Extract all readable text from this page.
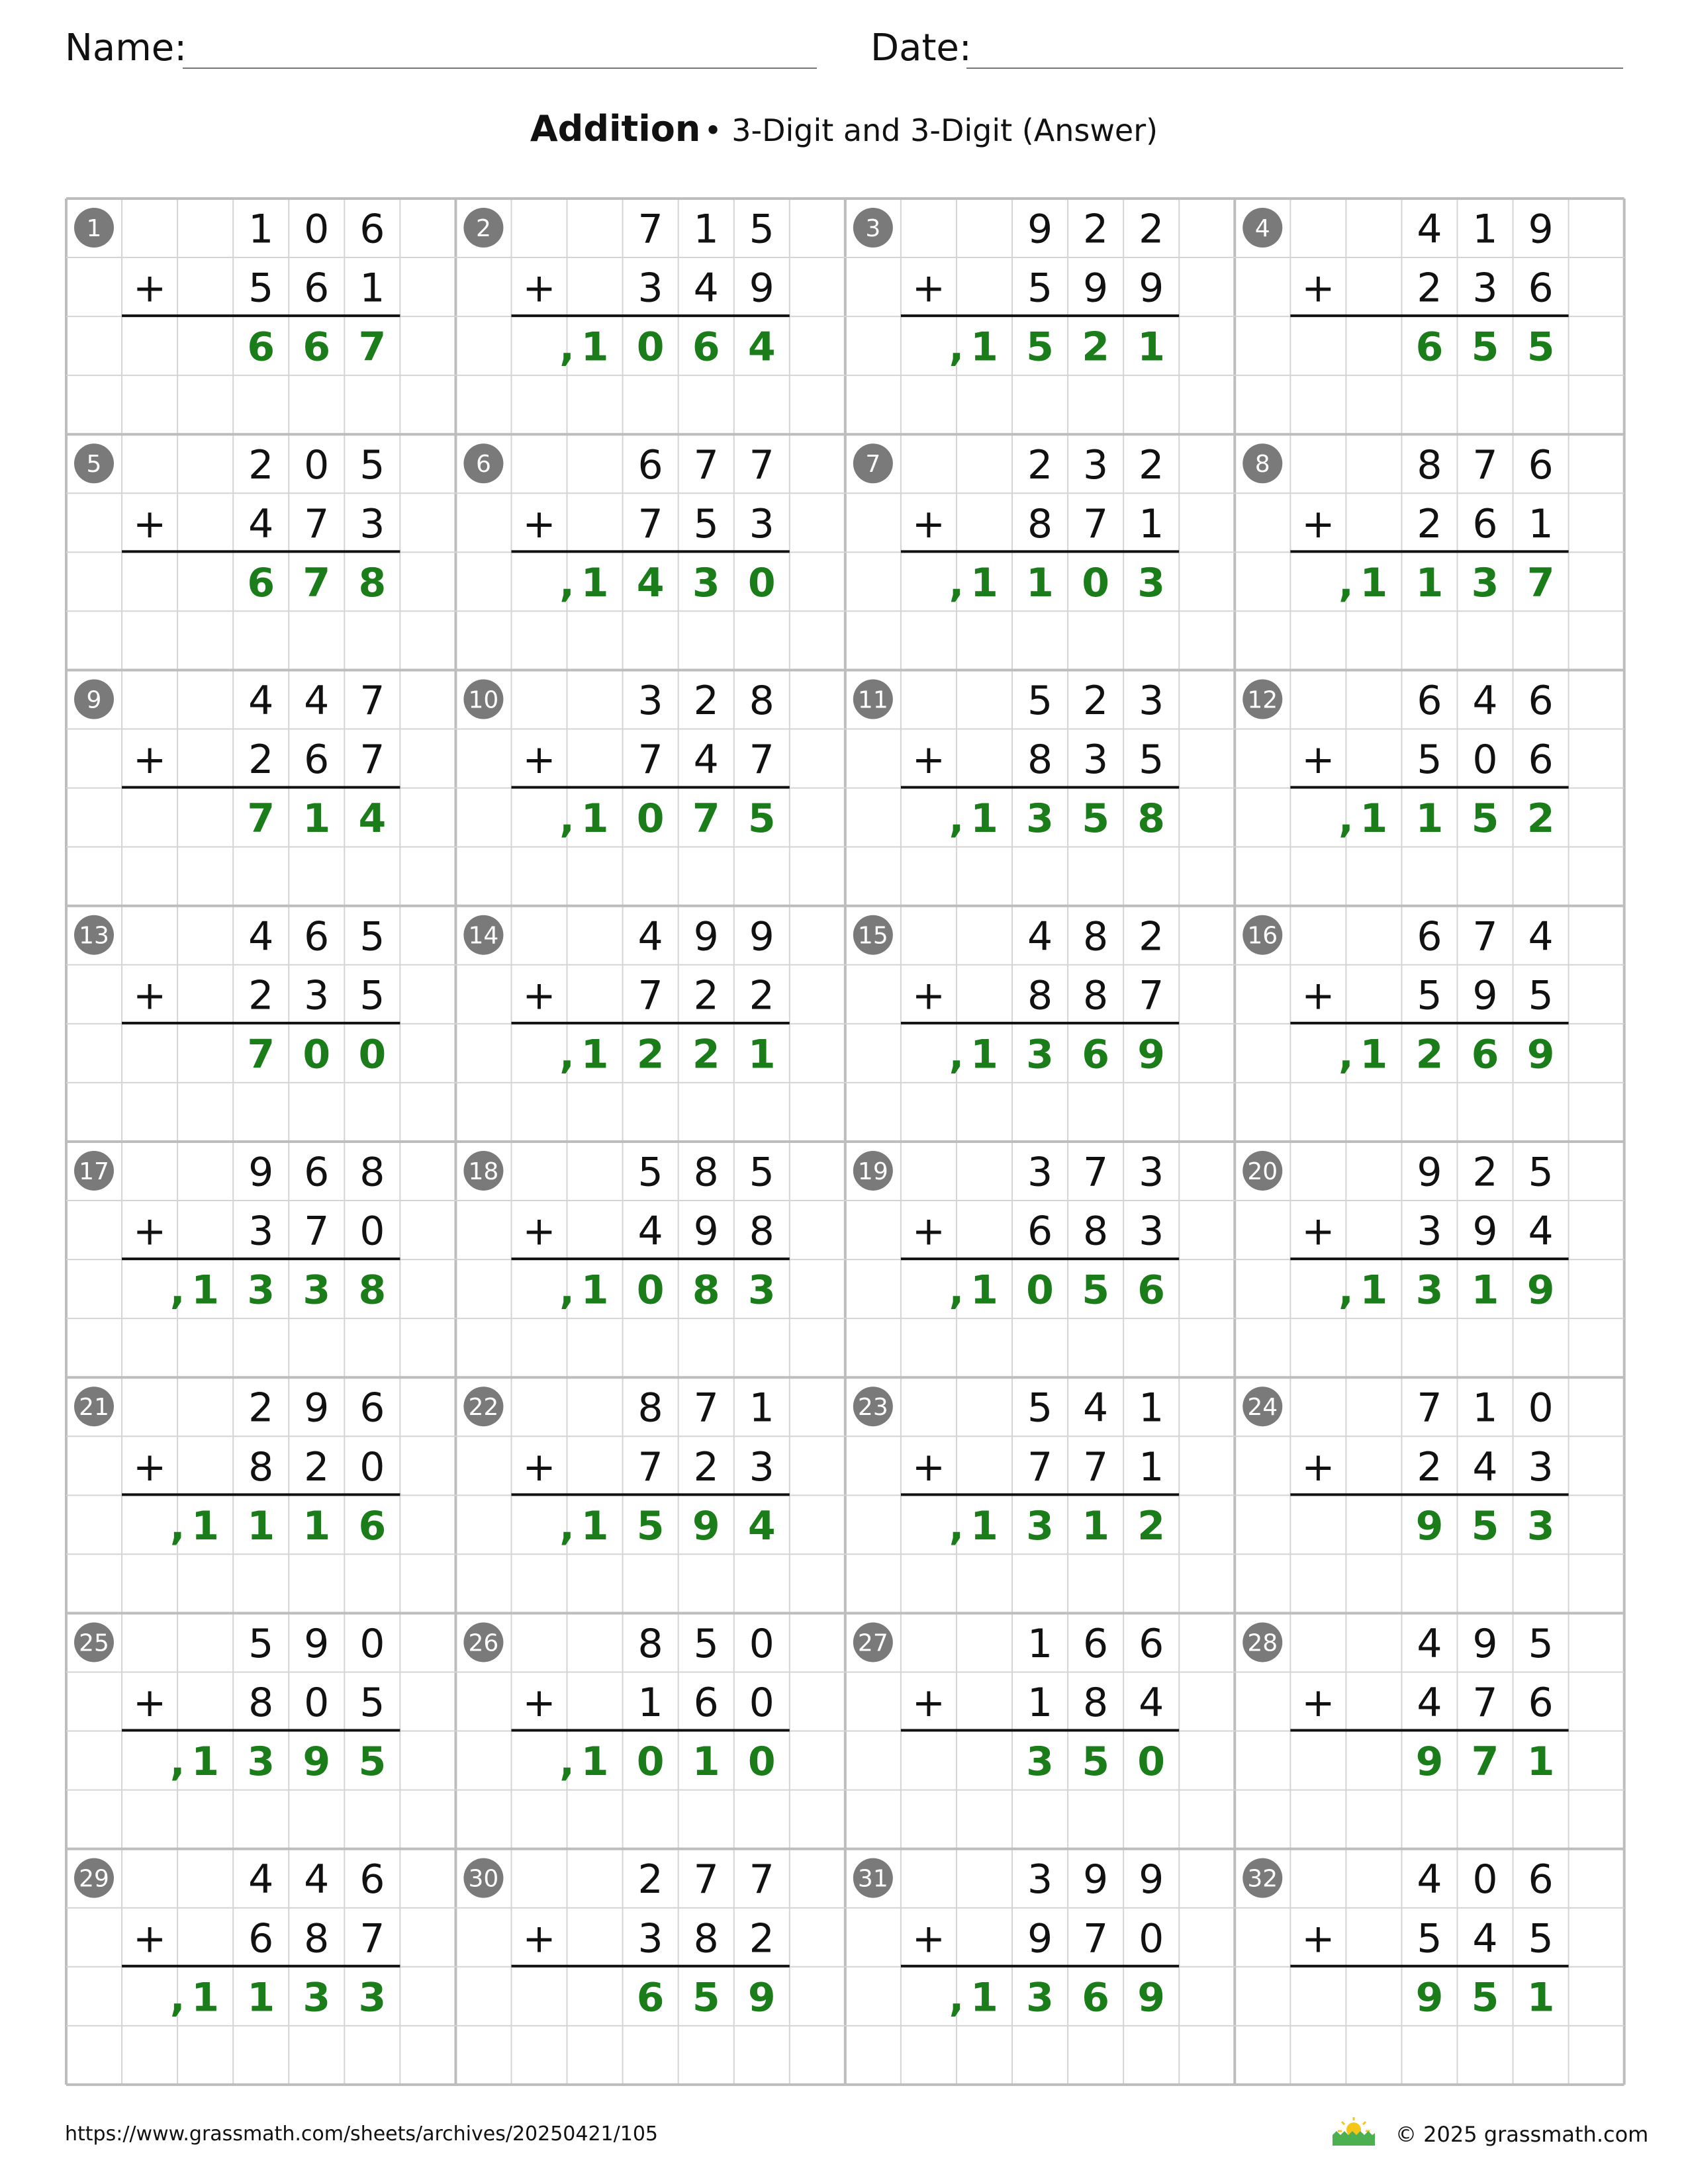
Name:	Date:
Addition • 3-Digit and 3-Digit (Answer)
1	1 0 6
5 6 1
+
6 6 7
2	7 1 5
3 4 9
+
1 0 6 4
,
3	9 2 2
5 9 9
+
1 5 2 1
,
4	4 1 9
2 3 6
+
6 5 5
5	2 0 5
4 7 3
+
6 7 8
6	6 7 7
7 5 3
+
1 4 3 0
,
7	2 3 2
8 7 1
+
1 1 0 3
,
8	8 7 6
2 6 1
+
1 1 3 7
,
9	4 4 7
2 6 7
+
7 1 4
10	3 2 8
7 4 7
+
1 0 7 5
,
11	5 2 3
8 3 5
+
1 3 5 8
,
12	6 4 6
5 0 6
+
1 1 5 2
,
13	4 6 5
2 3 5
+
7 0 0
14	4 9 9
7 2 2
+
1 2 2 1
,
15	4 8 2
8 8 7
+
1 3 6 9
,
16	6 7 4
5 9 5
+
1 2 6 9
,
17	9 6 8
3 7 0
+
1 3 3 8
,
18	5 8 5
4 9 8
+
1 0 8 3
,
19	3 7 3
6 8 3
+
1 0 5 6
,
20	9 2 5
3 9 4
+
1 3 1 9
,
21	2 9 6
8 2 0
+
1 1 1 6
,
22	8 7 1
7 2 3
+
1 5 9 4
,
23	5 4 1
7 7 1
+
1 3 1 2
,
24	7 1 0
2 4 3
+
9 5 3
25	5 9 0
8 0 5
+
1 3 9 5
,
26	8 5 0
1 6 0
+
1 0 1 0
,
27	1 6 6
1 8 4
+
3 5 0
28	4 9 5
4 7 6
+
9 7 1
29	4 4 6
6 8 7
+
1 1 3 3
,
30	2 7 7
3 8 2
+
6 5 9
31	3 9 9
9 7 0
+
1 3 6 9
,
32	4 0 6
5 4 5
+
9 5 1
https://www.grassmath.com/sheets/archives/20250421/105	© 2025 grassmath.com
